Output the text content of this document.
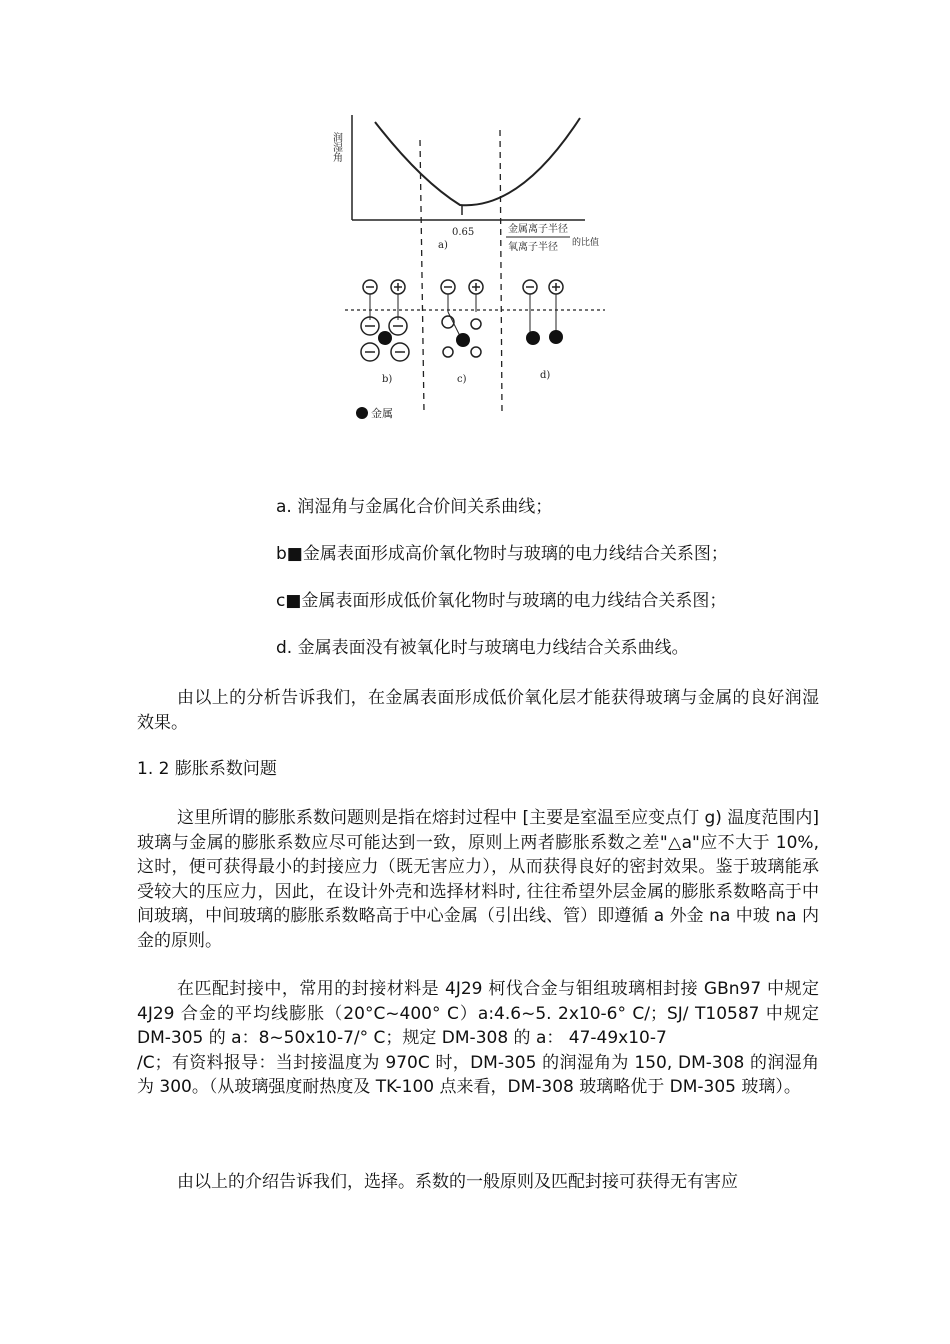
润湿角
0.65	金属离子半径
氧离子半径 的比值
a)
b)	c)	d)
金属
a. 润湿角与金属化合价间关系曲线；
b■金属表面形成高价氧化物时与玻璃的电力线结合关系图；
c■金属表面形成低价氧化物时与玻璃的电力线结合关系图；
d. 金属表面没有被氧化时与玻璃电力线结合关系曲线。

由以上的分析告诉我们，在金属表面形成低价氧化层才能获得玻璃与金属的良好润湿效果。

1. 2 膨胀系数问题

这里所谓的膨胀系数问题则是指在熔封过程中 [主要是室温至应变点仃 g) 温度范围内] 玻璃与金属的膨胀系数应尽可能达到一致，原则上两者膨胀系数之差"△a"应不大于 10%, 这时，便可获得最小的封接应力（既无害应力），从而获得良好的密封效果。鉴于玻璃能承受较大的压应力，因此，在设计外壳和选择材料时, 往往希望外层金属的膨胀系数略高于中间玻璃，中间玻璃的膨胀系数略高于中心金属（引出线、管）即遵循 a 外金 na 中玻 na 内金的原则。

在匹配封接中，常用的封接材料是 4J29 柯伐合金与钼组玻璃相封接 GBn97 中规定 4J29 合金的平均线膨胀（20°C~400° C）a:4.6~5. 2x10-6° C/；SJ/ T10587 中规定 DM-305 的 a：8~50x10-7/° C；规定 DM-308 的 a： 47-49x10-7

/C；有资料报导：当封接温度为 970C 时，DM-305 的润湿角为 150, DM-308 的润湿角为 300。（从玻璃强度耐热度及 TK-100 点来看，DM-308 玻璃略优于 DM-305 玻璃）。

由以上的介绍告诉我们，选择。系数的一般原则及匹配封接可获得无有害应
